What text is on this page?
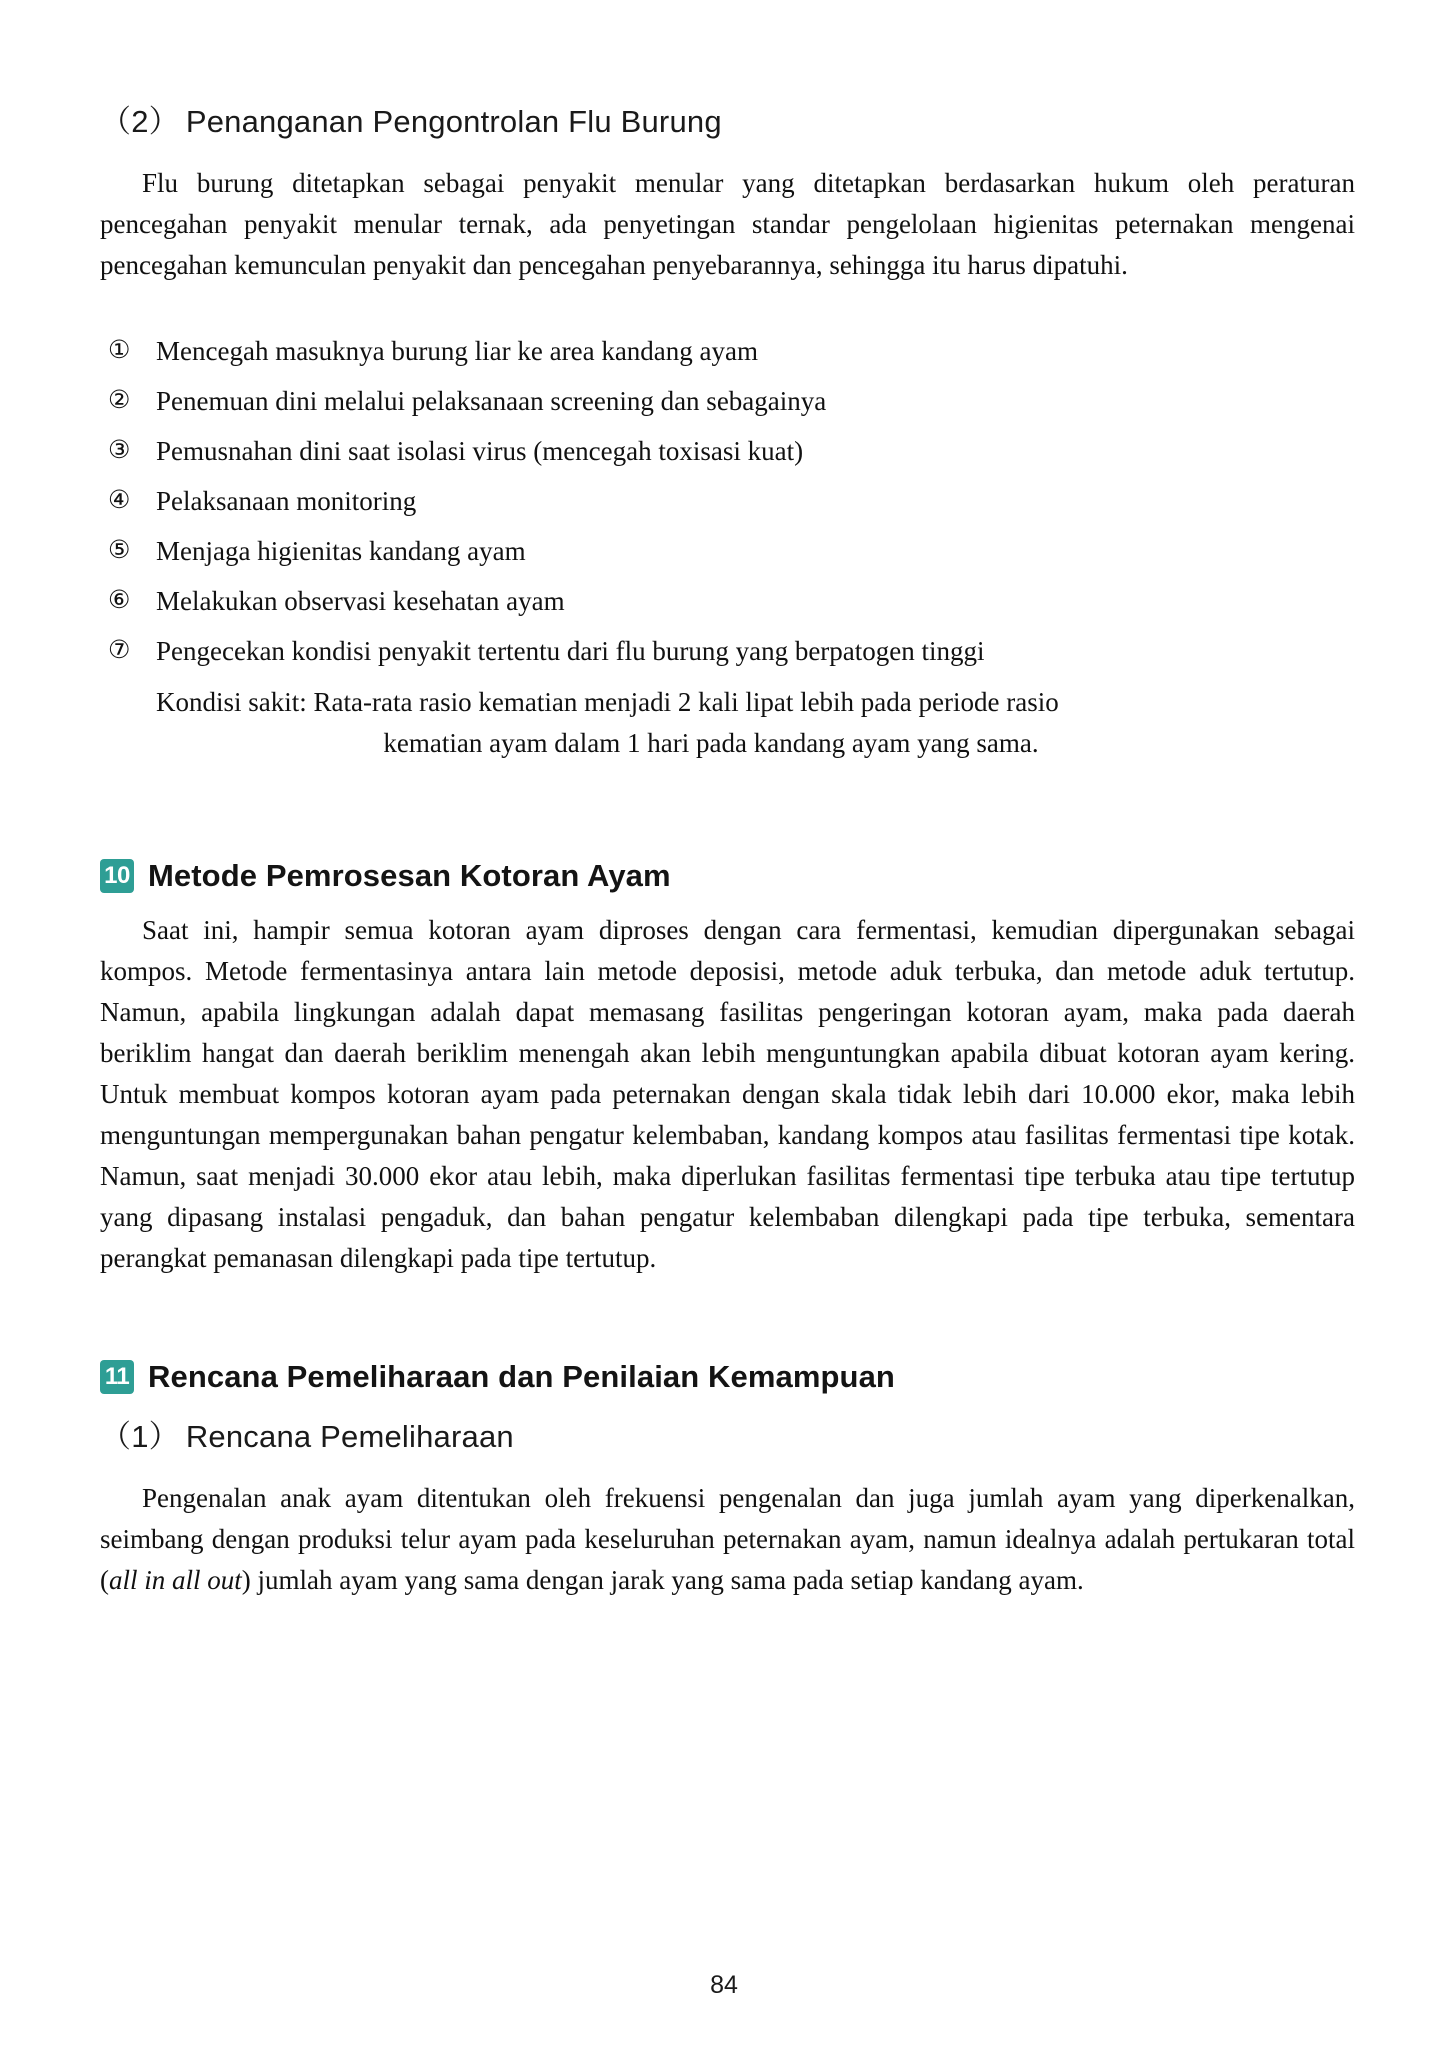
（2） Penanganan Pengontrolan Flu Burung

Flu burung ditetapkan sebagai penyakit menular yang ditetapkan berdasarkan hukum oleh peraturan pencegahan penyakit menular ternak, ada penyetingan standar pengelolaan higienitas peternakan mengenai pencegahan kemunculan penyakit dan pencegahan penyebarannya, sehingga itu harus dipatuhi.

① Mencegah masuknya burung liar ke area kandang ayam
② Penemuan dini melalui pelaksanaan screening dan sebagainya
③ Pemusnahan dini saat isolasi virus (mencegah toxisasi kuat)
④ Pelaksanaan monitoring
⑤ Menjaga higienitas kandang ayam
⑥ Melakukan observasi kesehatan ayam
⑦ Pengecekan kondisi penyakit tertentu dari flu burung yang berpatogen tinggi
Kondisi sakit: Rata-rata rasio kematian menjadi 2 kali lipat lebih pada periode rasio
kematian ayam dalam 1 hari pada kandang ayam yang sama.
10 Metode Pemrosesan Kotoran Ayam

Saat ini, hampir semua kotoran ayam diproses dengan cara fermentasi, kemudian dipergunakan sebagai kompos. Metode fermentasinya antara lain metode deposisi, metode aduk terbuka, dan metode aduk tertutup. Namun, apabila lingkungan adalah dapat memasang fasilitas pengeringan kotoran ayam, maka pada daerah beriklim hangat dan daerah beriklim menengah akan lebih menguntungkan apabila dibuat kotoran ayam kering. Untuk membuat kompos kotoran ayam pada peternakan dengan skala tidak lebih dari 10.000 ekor, maka lebih menguntungan mempergunakan bahan pengatur kelembaban, kandang kompos atau fasilitas fermentasi tipe kotak. Namun, saat menjadi 30.000 ekor atau lebih, maka diperlukan fasilitas fermentasi tipe terbuka atau tipe tertutup yang dipasang instalasi pengaduk, dan bahan pengatur kelembaban dilengkapi pada tipe terbuka, sementara perangkat pemanasan dilengkapi pada tipe tertutup.

11 Rencana Pemeliharaan dan Penilaian Kemampuan
（1） Rencana Pemeliharaan

Pengenalan anak ayam ditentukan oleh frekuensi pengenalan dan juga jumlah ayam yang diperkenalkan, seimbang dengan produksi telur ayam pada keseluruhan peternakan ayam, namun idealnya adalah pertukaran total (all in all out) jumlah ayam yang sama dengan jarak yang sama pada setiap kandang ayam.

84
